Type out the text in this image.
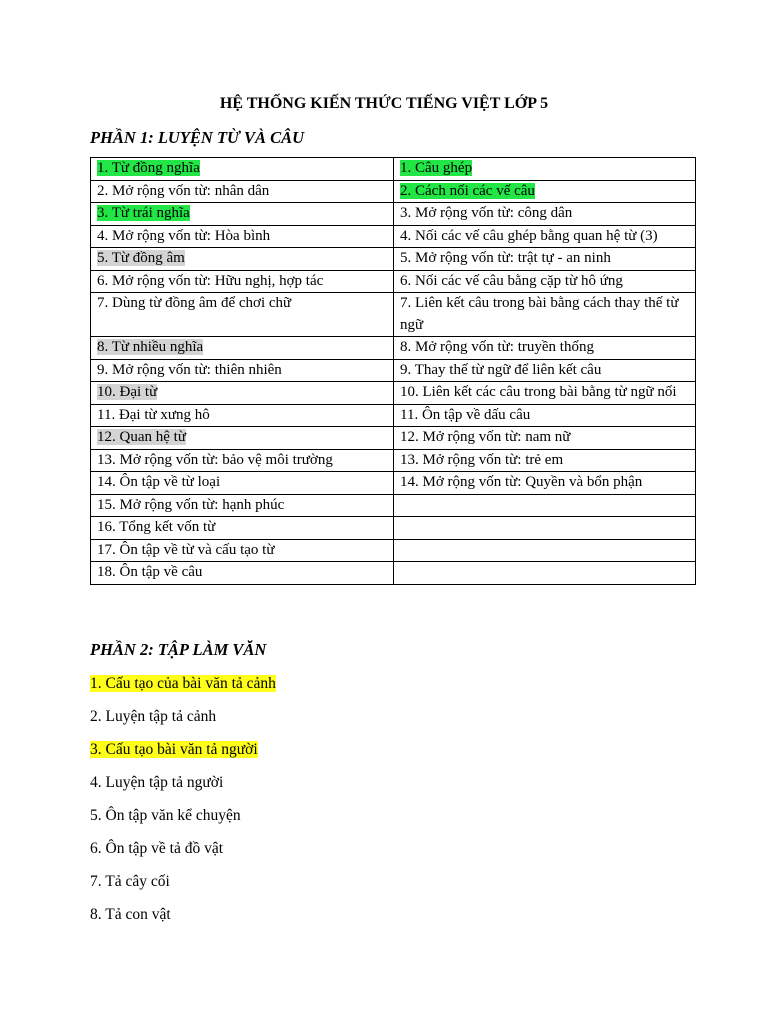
HỆ THỐNG KIẾN THỨC TIẾNG VIỆT LỚP 5
PHẦN 1: LUYỆN TỪ VÀ CÂU
1. Từ đồng nghĩa	1. Câu ghép
2. Mở rộng vốn từ: nhân dân	2. Cách nối các vế câu
3. Từ trái nghĩa	3. Mở rộng vốn từ: công dân
4. Mở rộng vốn từ: Hòa bình	4. Nối các vế câu ghép bằng quan hệ từ (3)
5. Từ đồng âm	5. Mở rộng vốn từ: trật tự - an ninh
6. Mở rộng vốn từ: Hữu nghị, hợp tác	6. Nối các vế câu bằng cặp từ hô ứng
7. Dùng từ đồng âm để chơi chữ	7. Liên kết câu trong bài bằng cách thay thế từ ngữ
8. Từ nhiều nghĩa	8. Mở rộng vốn từ: truyền thống
9. Mở rộng vốn từ: thiên nhiên	9. Thay thế từ ngữ để liên kết câu
10. Đại từ	10. Liên kết các câu trong bài bằng từ ngữ nối
11. Đại từ xưng hô	11. Ôn tập về dấu câu
12. Quan hệ từ	12. Mở rộng vốn từ: nam nữ
13. Mở rộng vốn từ: bảo vệ môi trường	13. Mở rộng vốn từ: trẻ em
14. Ôn tập về từ loại	14. Mở rộng vốn từ: Quyền và bổn phận
15. Mở rộng vốn từ: hạnh phúc	
16. Tổng kết vốn từ	
17. Ôn tập về từ và cấu tạo từ	
18. Ôn tập về câu	
PHẦN 2: TẬP LÀM VĂN
1. Cấu tạo của bài văn tả cảnh
2. Luyện tập tả cảnh
3. Cấu tạo bài văn tả người
4. Luyện tập tả người
5. Ôn tập văn kể chuyện
6. Ôn tập về tả đồ vật
7. Tả cây cối
8. Tả con vật
